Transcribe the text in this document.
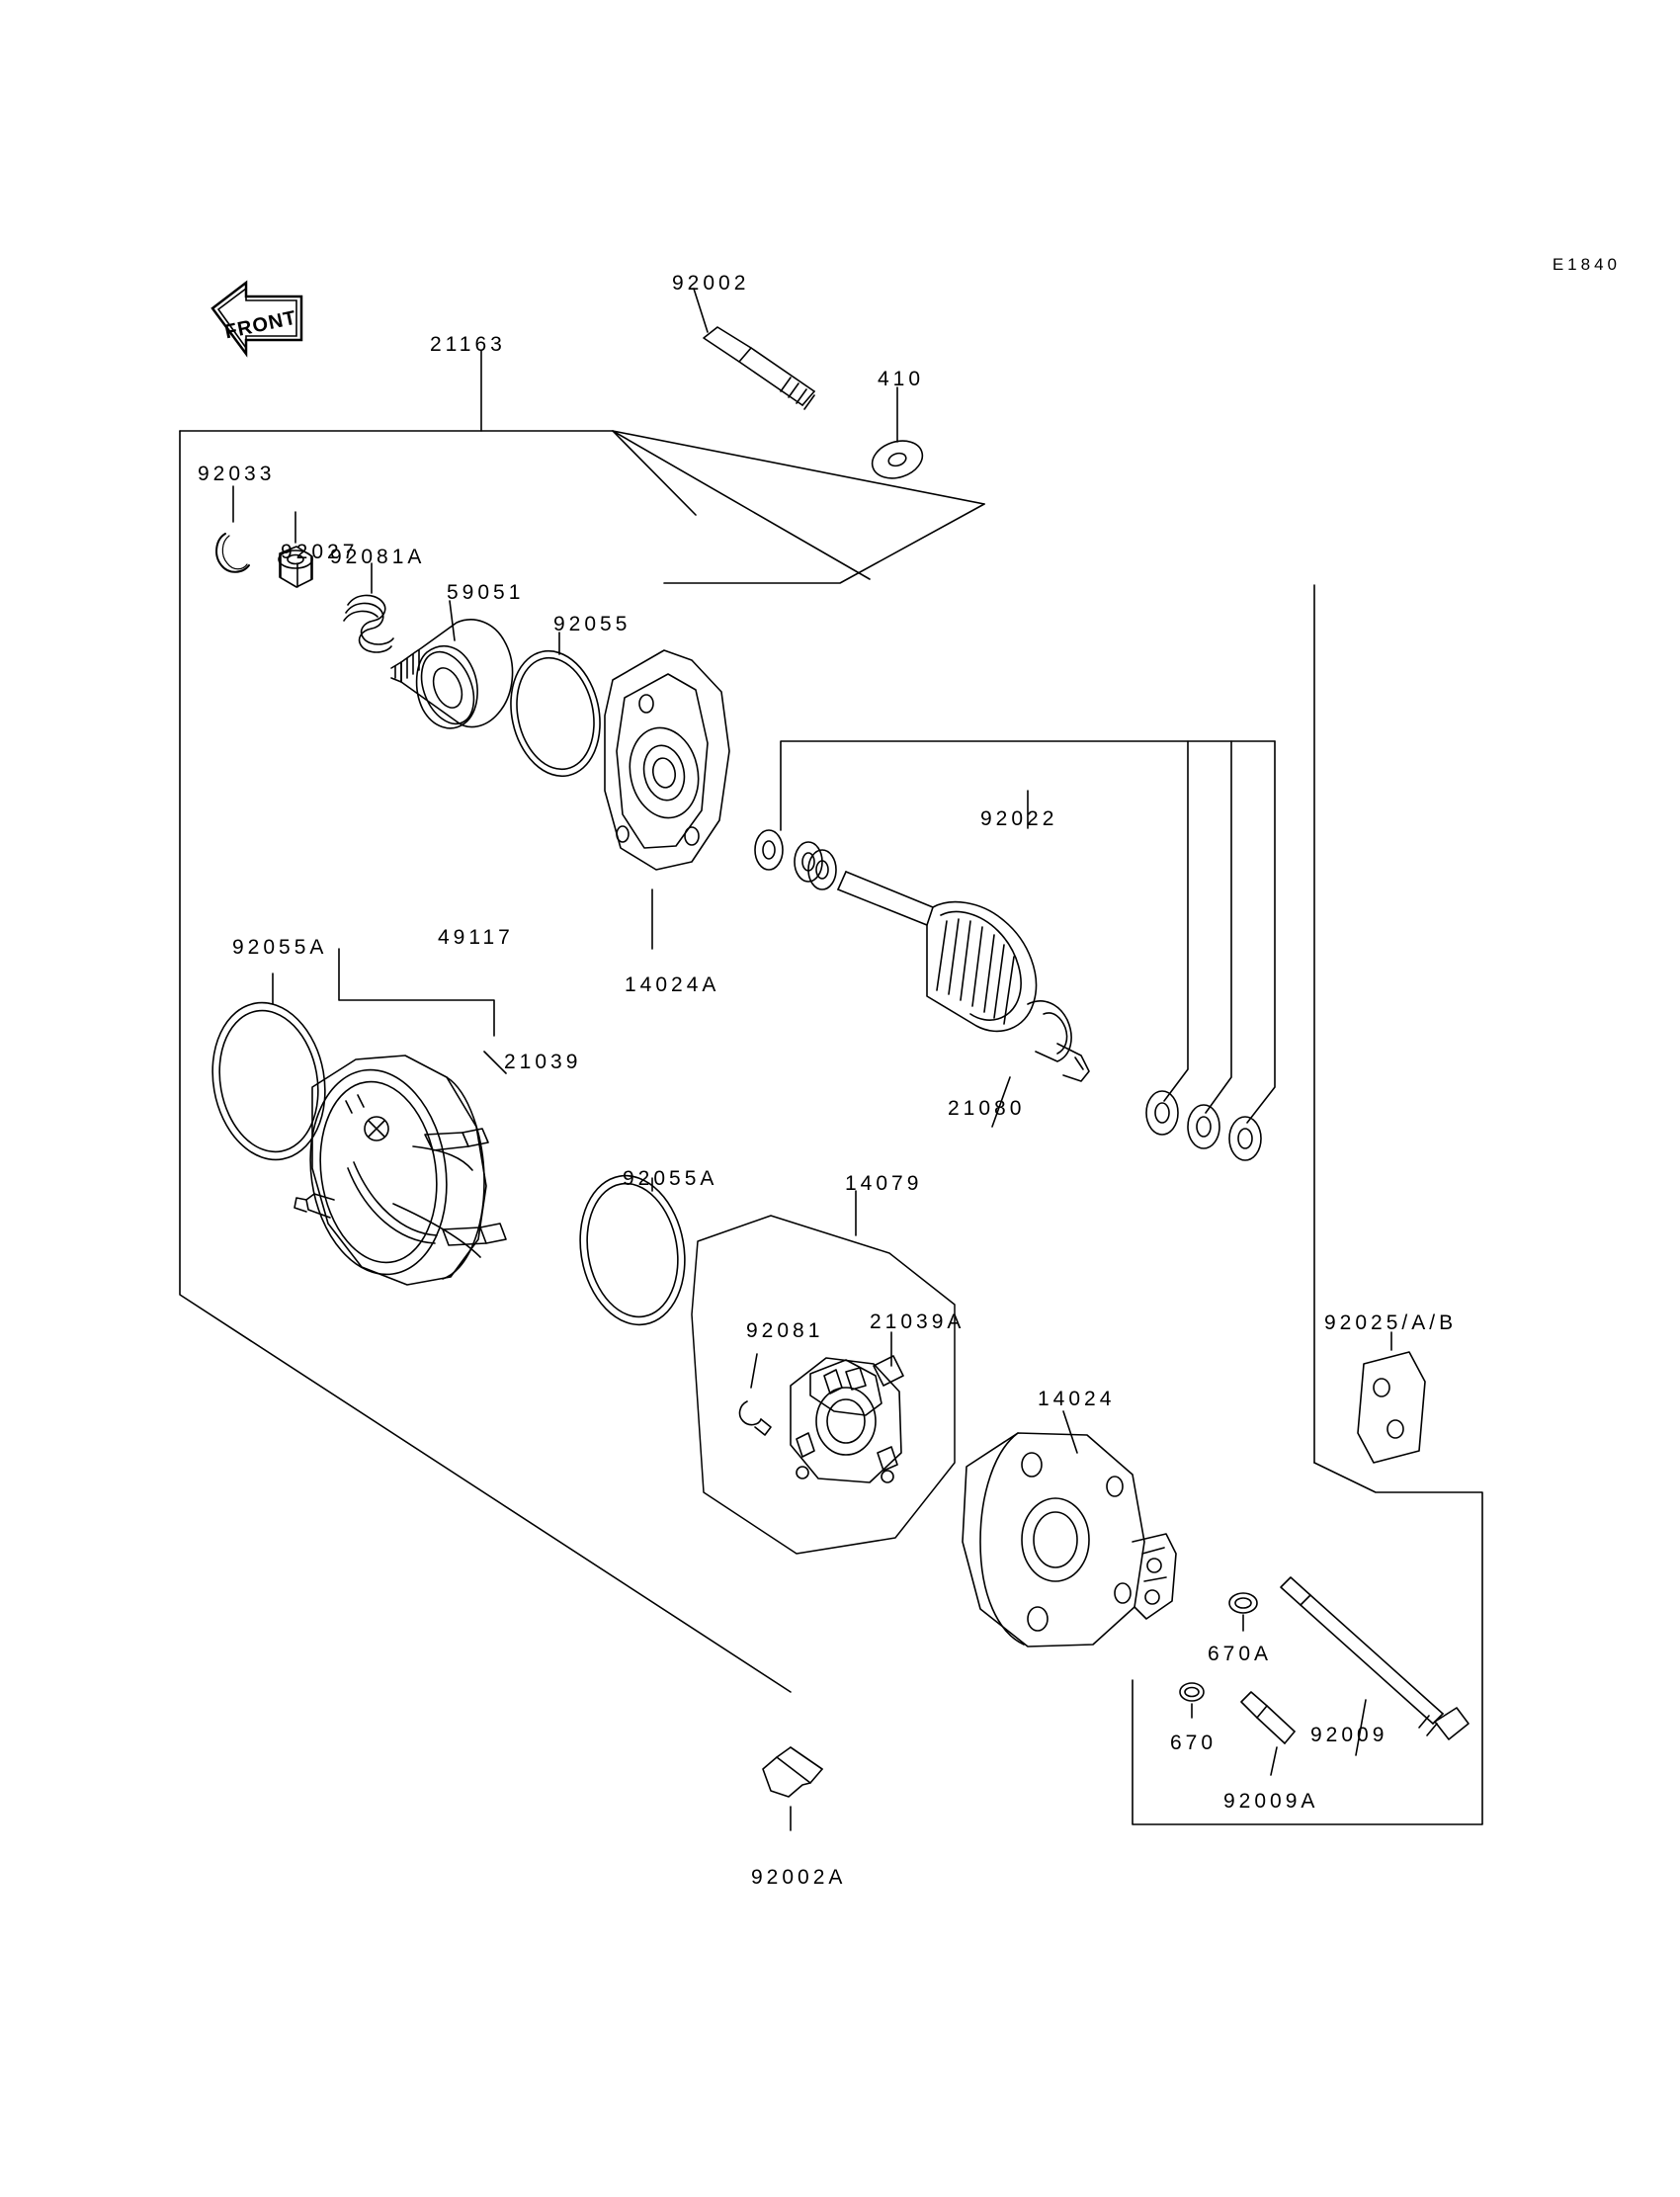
E1840
FRONT
92002
21163
410
92033
92027
92081A
59051
92055
92022
14024A
92055A	49117
21039
21080
92055A	14079
21039A
92081	92025/A/B
14024
670A
92009
670
92009A
92002A
